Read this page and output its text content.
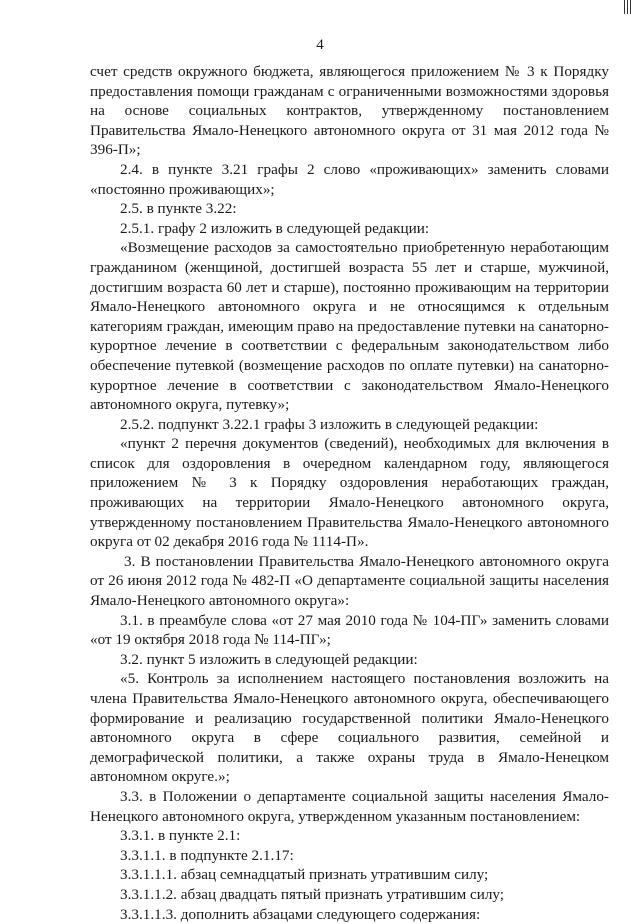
4

счет средств окружного бюджета, являющегося приложением № 3 к Порядку предоставления помощи гражданам с ограниченными возможностями здоровья на основе социальных контрактов, утвержденному постановлением Правительства Ямало-Ненецкого автономного округа от 31 мая 2012 года № 396-П»;

2.4. в пункте 3.21 графы 2 слово «проживающих» заменить словами «постоянно проживающих»;

2.5. в пункте 3.22:

2.5.1. графу 2 изложить в следующей редакции:

«Возмещение расходов за самостоятельно приобретенную неработающим гражданином (женщиной, достигшей возраста 55 лет и старше, мужчиной, достигшим возраста 60 лет и старше), постоянно проживающим на территории Ямало-Ненецкого автономного округа и не относящимся к отдельным категориям граждан, имеющим право на предоставление путевки на санаторно-курортное лечение в соответствии с федеральным законодательством либо обеспечение путевкой (возмещение расходов по оплате путевки) на санаторно-курортное лечение в соответствии с законодательством Ямало-Ненецкого автономного округа, путевку»;

2.5.2. подпункт 3.22.1 графы 3 изложить в следующей редакции:

«пункт 2 перечня документов (сведений), необходимых для включения в список для оздоровления в очередном календарном году, являющегося приложением № 3 к Порядку оздоровления неработающих граждан, проживающих на территории Ямало-Ненецкого автономного округа, утвержденному постановлением Правительства Ямало-Ненецкого автономного округа от 02 декабря 2016 года № 1114-П».

3. В постановлении Правительства Ямало-Ненецкого автономного округа от 26 июня 2012 года № 482-П «О департаменте социальной защиты населения Ямало-Ненецкого автономного округа»:

3.1. в преамбуле слова «от 27 мая 2010 года № 104-ПГ» заменить словами «от 19 октября 2018 года № 114-ПГ»;

3.2. пункт 5 изложить в следующей редакции:

«5. Контроль за исполнением настоящего постановления возложить на члена Правительства Ямало-Ненецкого автономного округа, обеспечивающего формирование и реализацию государственной политики Ямало-Ненецкого автономного округа в сфере социального развития, семейной и демографической политики, а также охраны труда в Ямало-Ненецком автономном округе.»;

3.3. в Положении о департаменте социальной защиты населения Ямало-Ненецкого автономного округа, утвержденном указанным постановлением:

3.3.1. в пункте 2.1:

3.3.1.1. в подпункте 2.1.17:

3.3.1.1.1. абзац семнадцатый признать утратившим силу;

3.3.1.1.2. абзац двадцать пятый признать утратившим силу;

3.3.1.1.3. дополнить абзацами следующего содержания:
